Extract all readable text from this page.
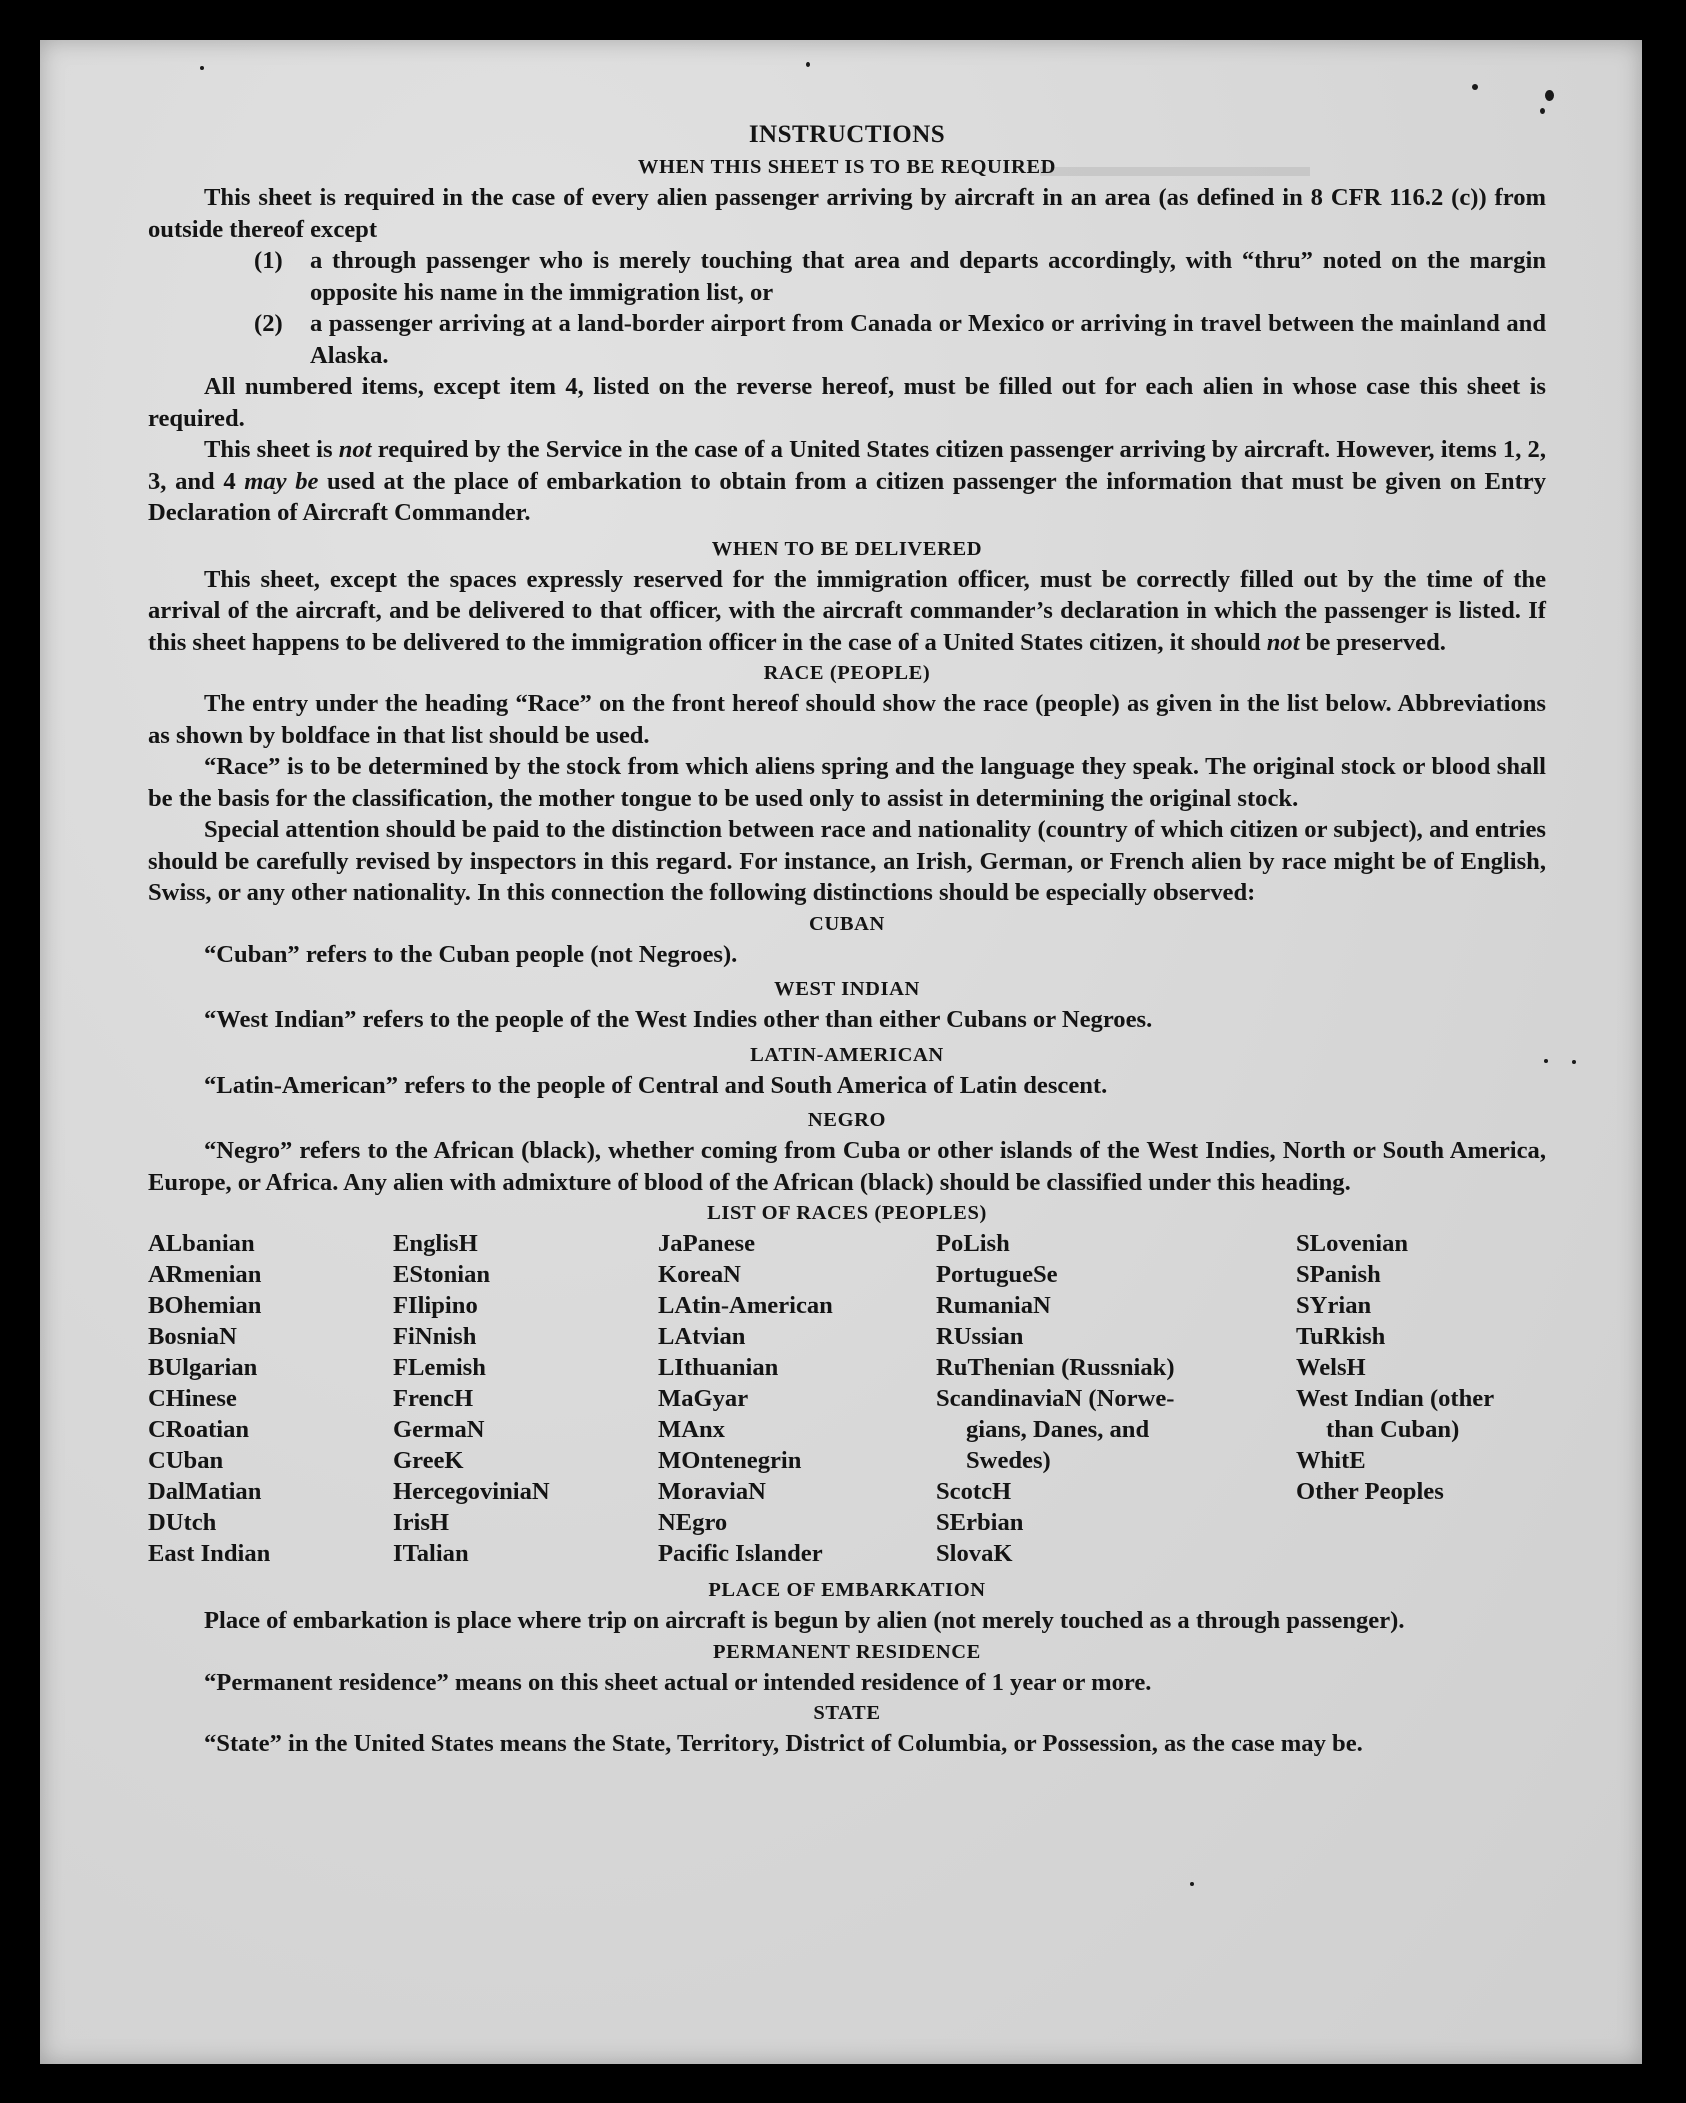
▬▬▬▬▬▬▬▬▬
INSTRUCTIONS
WHEN THIS SHEET IS TO BE REQUIRED

This sheet is required in the case of every alien passenger arriving by aircraft in an area (as defined in 8 CFR 116.2 (c)) from outside thereof except

(1)	a through passenger who is merely touching that area and departs accordingly, with “thru” noted on the margin opposite his name in the immigration list, or
(2)	a passenger arriving at a land-border airport from Canada or Mexico or arriving in travel between the mainland and Alaska.

All numbered items, except item 4, listed on the reverse hereof, must be filled out for each alien in whose case this sheet is required.

This sheet is not required by the Service in the case of a United States citizen passenger arriving by aircraft. However, items 1, 2, 3, and 4 may be used at the place of embarkation to obtain from a citizen passenger the information that must be given on Entry Declaration of Aircraft Commander.

WHEN TO BE DELIVERED

This sheet, except the spaces expressly reserved for the immigration officer, must be correctly filled out by the time of the arrival of the aircraft, and be delivered to that officer, with the aircraft commander’s declaration in which the passenger is listed. If this sheet happens to be delivered to the immigration officer in the case of a United States citizen, it should not be preserved.

RACE (PEOPLE)

The entry under the heading “Race” on the front hereof should show the race (people) as given in the list below. Abbreviations as shown by boldface in that list should be used.

“Race” is to be determined by the stock from which aliens spring and the language they speak. The original stock or blood shall be the basis for the classification, the mother tongue to be used only to assist in determining the original stock.

Special attention should be paid to the distinction between race and nationality (country of which citizen or subject), and entries should be carefully revised by inspectors in this regard. For instance, an Irish, German, or French alien by race might be of English, Swiss, or any other nationality. In this connection the following distinctions should be especially observed:

CUBAN

“Cuban” refers to the Cuban people (not Negroes).

WEST INDIAN

“West Indian” refers to the people of the West Indies other than either Cubans or Negroes.

LATIN-AMERICAN

“Latin-American” refers to the people of Central and South America of Latin descent.

NEGRO

“Negro” refers to the African (black), whether coming from Cuba or other islands of the West Indies, North or South America, Europe, or Africa. Any alien with admixture of blood of the African (black) should be classified under this heading.

LIST OF RACES (PEOPLES)
ALbanian
ARmenian
BOhemian
BosniaN
BUlgarian
CHinese
CRoatian
CUban
DalMatian
DUtch
East Indian
EnglisH
EStonian
FIlipino
FiNnish
FLemish
FrencH
GermaN
GreeK
HercegoviniaN
IrisH
ITalian
JaPanese
KoreaN
LAtin-American
LAtvian
LIthuanian
MaGyar
MAnx
MOntenegrin
MoraviaN
NEgro
Pacific Islander
PoLish
PortugueSe
RumaniaN
RUssian
RuThenian (Russniak)
ScandinaviaN (Norwe-
gians, Danes, and
Swedes)
ScotcH
SErbian
SlovaK
SLovenian
SPanish
SYrian
TuRkish
WelsH
West Indian (other
than Cuban)
WhitE
Other Peoples
PLACE OF EMBARKATION

Place of embarkation is place where trip on aircraft is begun by alien (not merely touched as a through passenger).

PERMANENT RESIDENCE

“Permanent residence” means on this sheet actual or intended residence of 1 year or more.

STATE

“State” in the United States means the State, Territory, District of Columbia, or Possession, as the case may be.
